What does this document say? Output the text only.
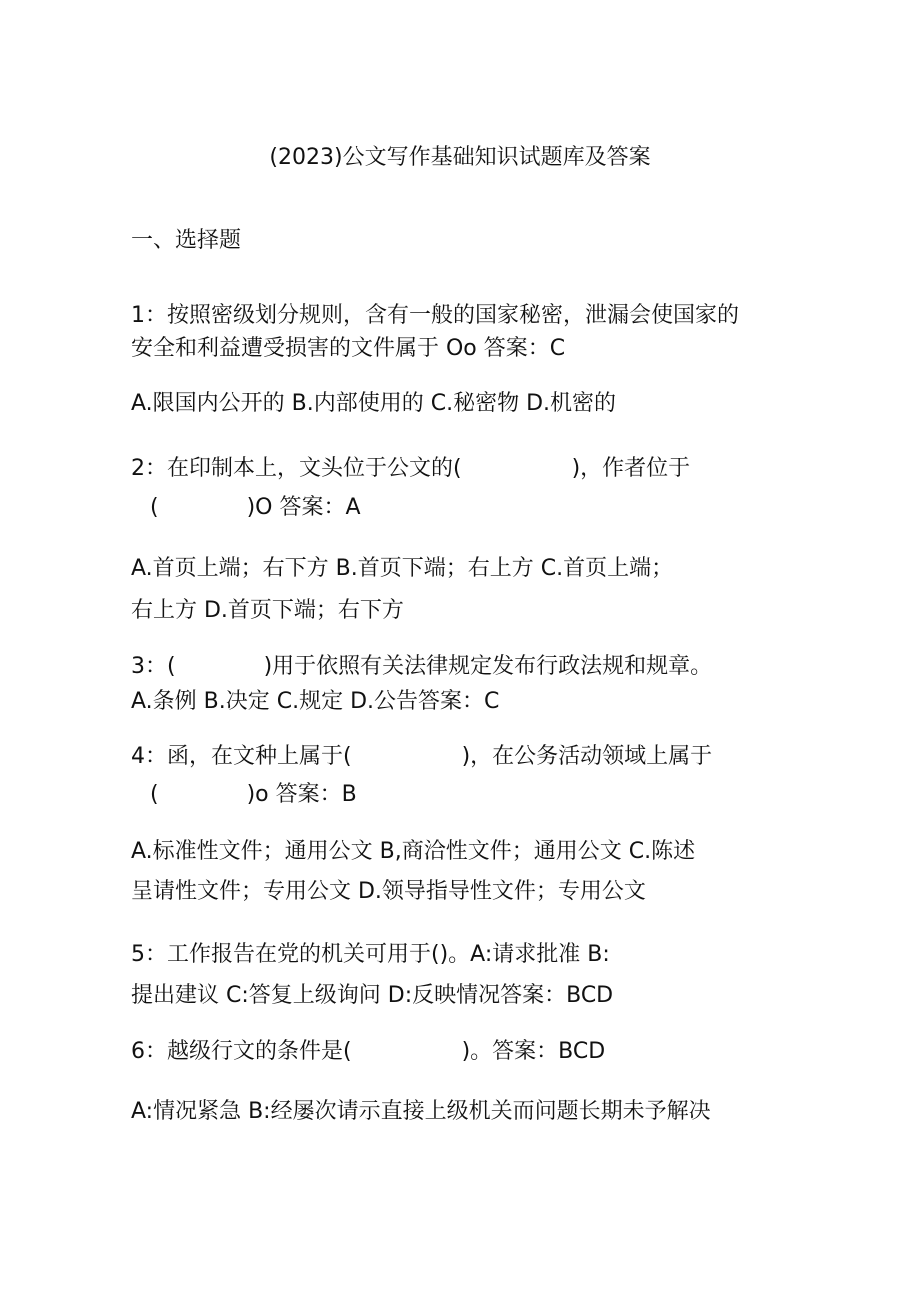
(2023)公文写作基础知识试题库及答案
一、选择题
1：按照密级划分规则，含有一般的国家秘密，泄漏会使国家的
安全和利益遭受损害的文件属于 Oo 答案：C
A.限国内公开的 B.内部使用的 C.秘密物 D.机密的
2：在印制本上，文头位于公文的(　　　　　)，作者位于
(　　　　)O 答案：A
A.首页上端；右下方 B.首页下端；右上方 C.首页上端；
右上方 D.首页下端；右下方
3：(　　　　)用于依照有关法律规定发布行政法规和规章。
A.条例 B.决定 C.规定 D.公告答案：C
4：函，在文种上属于(　　　　　)，在公务活动领域上属于
(　　　　)o 答案：B
A.标准性文件；通用公文 B,商洽性文件；通用公文 C.陈述
呈请性文件；专用公文 D.领导指导性文件；专用公文
5：工作报告在党的机关可用于()。A:请求批准 B:
提出建议 C:答复上级询问 D:反映情况答案：BCD
6：越级行文的条件是(　　　　　)。答案：BCD
A:情况紧急 B:经屡次请示直接上级机关而问题长期未予解决
